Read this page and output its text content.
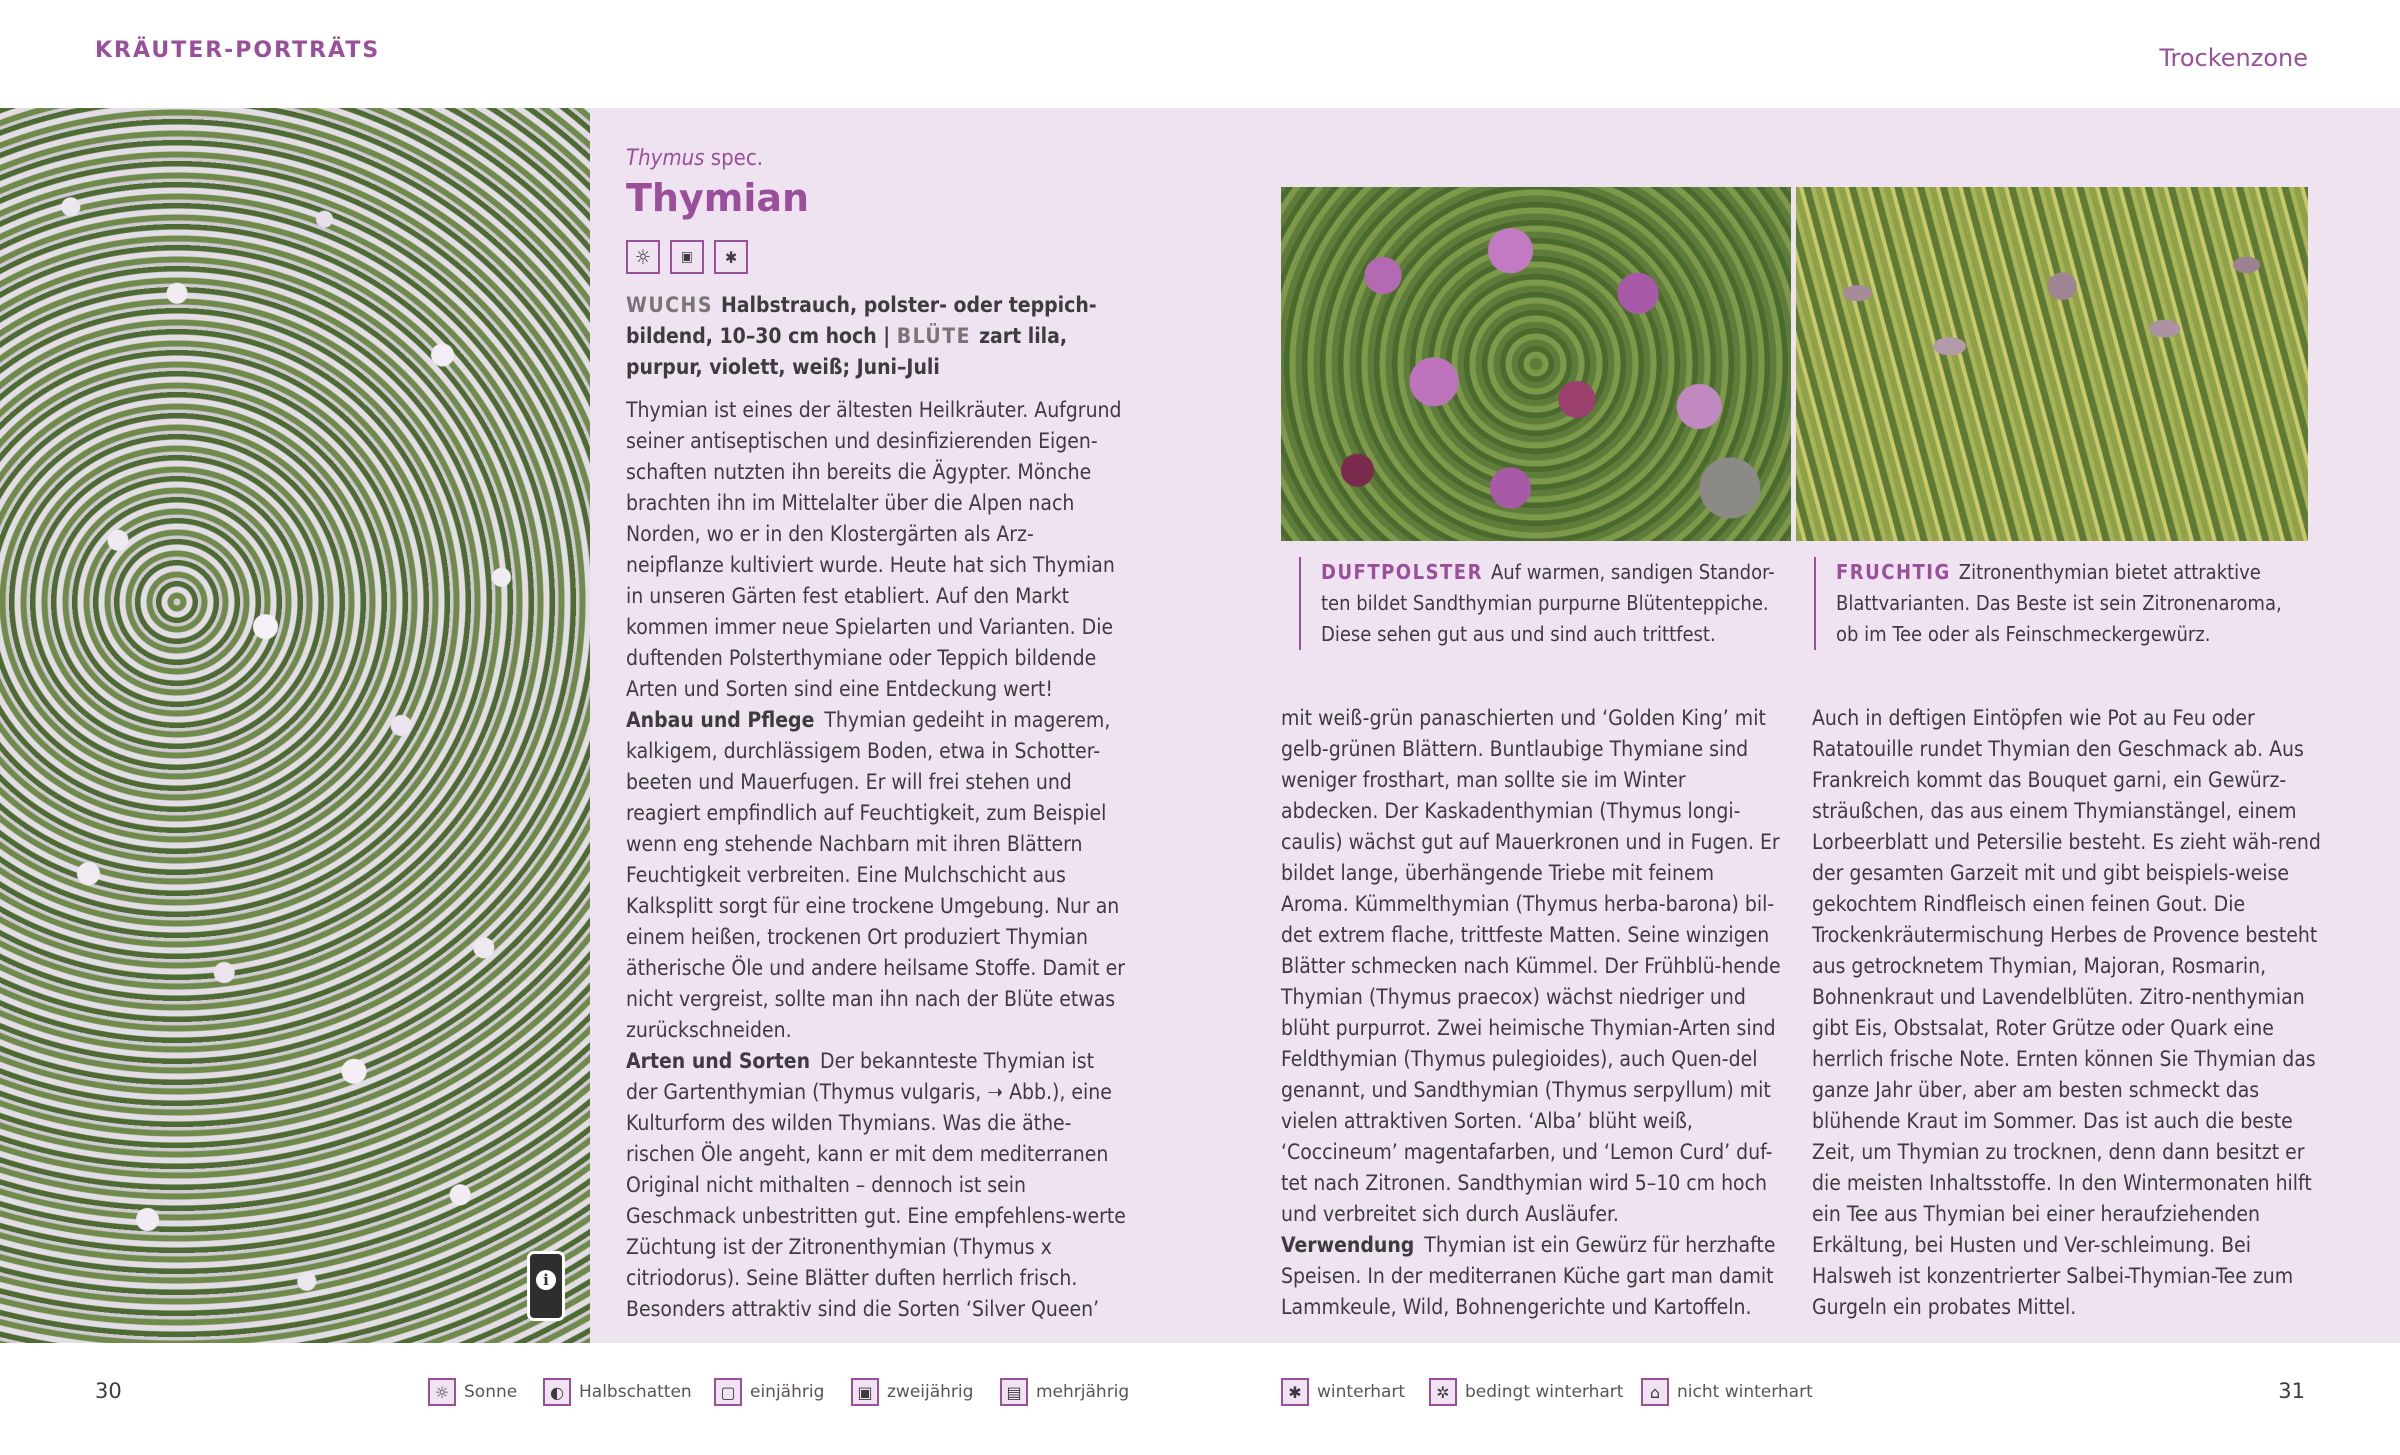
KRÄUTER-PORTRÄTS	Trockenzone
i
Thymus spec.
Thymian
☼	▣	✱
WUCHS Halbstrauch, polster- oder teppich-bildend, 10–30 cm hoch | BLÜTE zart lila, purpur, violett, weiß; Juni–Juli

Thymian ist eines der ältesten Heilkräuter. Aufgrund seiner antiseptischen und desinfizierenden Eigen-schaften nutzten ihn bereits die Ägypter. Mönche brachten ihn im Mittelalter über die Alpen nach Norden, wo er in den Klostergärten als Arz-neipflanze kultiviert wurde. Heute hat sich Thymian in unseren Gärten fest etabliert. Auf den Markt kommen immer neue Spielarten und Varianten. Die duftenden Polsterthymiane oder Teppich bildende Arten und Sorten sind eine Entdeckung wert!

Anbau und Pflege Thymian gedeiht in magerem, kalkigem, durchlässigem Boden, etwa in Schotter-beeten und Mauerfugen. Er will frei stehen und reagiert empfindlich auf Feuchtigkeit, zum Beispiel wenn eng stehende Nachbarn mit ihren Blättern Feuchtigkeit verbreiten. Eine Mulchschicht aus Kalksplitt sorgt für eine trockene Umgebung. Nur an einem heißen, trockenen Ort produziert Thymian ätherische Öle und andere heilsame Stoffe. Damit er nicht vergreist, sollte man ihn nach der Blüte etwas zurückschneiden.

Arten und Sorten Der bekannteste Thymian ist der Gartenthymian (Thymus vulgaris, ➝ Abb.), eine Kulturform des wilden Thymians. Was die äthe-rischen Öle angeht, kann er mit dem mediterranen Original nicht mithalten – dennoch ist sein Geschmack unbestritten gut. Eine empfehlens-werte Züchtung ist der Zitronenthymian (Thymus x citriodorus). Seine Blätter duften herrlich frisch. Besonders attraktiv sind die Sorten ‘Silver Queen’

DUFTPOLSTER Auf warmen, sandigen Standor-ten bildet Sandthymian purpurne Blütenteppiche. Diese sehen gut aus und sind auch trittfest.
FRUCHTIG Zitronenthymian bietet attraktive Blattvarianten. Das Beste ist sein Zitronenaroma, ob im Tee oder als Feinschmeckergewürz.

mit weiß-grün panaschierten und ‘Golden King’ mit gelb-grünen Blättern. Buntlaubige Thymiane sind weniger frosthart, man sollte sie im Winter abdecken. Der Kaskadenthymian (Thymus longi-caulis) wächst gut auf Mauerkronen und in Fugen. Er bildet lange, überhängende Triebe mit feinem Aroma. Kümmelthymian (Thymus herba-barona) bil-det extrem flache, trittfeste Matten. Seine winzigen Blätter schmecken nach Kümmel. Der Frühblü-hende Thymian (Thymus praecox) wächst niedriger und blüht purpurrot. Zwei heimische Thymian-Arten sind Feldthymian (Thymus pulegioides), auch Quen-del genannt, und Sandthymian (Thymus serpyllum) mit vielen attraktiven Sorten. ‘Alba’ blüht weiß, ‘Coccineum’ magentafarben, und ‘Lemon Curd’ duf-tet nach Zitronen. Sandthymian wird 5–10 cm hoch und verbreitet sich durch Ausläufer.

Verwendung Thymian ist ein Gewürz für herzhafte Speisen. In der mediterranen Küche gart man damit Lammkeule, Wild, Bohnengerichte und Kartoffeln.

Auch in deftigen Eintöpfen wie Pot au Feu oder Ratatouille rundet Thymian den Geschmack ab. Aus Frankreich kommt das Bouquet garni, ein Gewürz-sträußchen, das aus einem Thymianstängel, einem Lorbeerblatt und Petersilie besteht. Es zieht wäh-rend der gesamten Garzeit mit und gibt beispiels-weise gekochtem Rindfleisch einen feinen Gout. Die Trockenkräutermischung Herbes de Provence besteht aus getrocknetem Thymian, Majoran, Rosmarin, Bohnenkraut und Lavendelblüten. Zitro-nenthymian gibt Eis, Obstsalat, Roter Grütze oder Quark eine herrlich frische Note. Ernten können Sie Thymian das ganze Jahr über, aber am besten schmeckt das blühende Kraut im Sommer. Das ist auch die beste Zeit, um Thymian zu trocknen, denn dann besitzt er die meisten Inhaltsstoffe. In den Wintermonaten hilft ein Tee aus Thymian bei einer heraufziehenden Erkältung, bei Husten und Ver-schleimung. Bei Halsweh ist konzentrierter Salbei-Thymian-Tee zum Gurgeln ein probates Mittel.

30	31
☼ Sonne	◐ Halbschatten	▢ einjährig	▣ zweijährig	▤ mehrjährig	✱ winterhart	✲ bedingt winterhart	⌂ nicht winterhart
